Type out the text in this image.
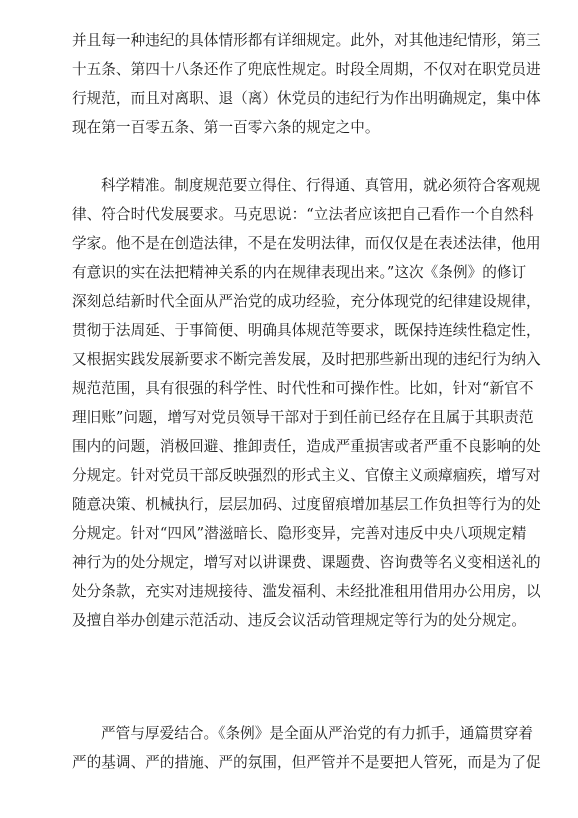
并且每一种违纪的具体情形都有详细规定。此外，对其他违纪情形，第三
十五条、第四十八条还作了兜底性规定。时段全周期，不仅对在职党员进
行规范，而且对离职、退（离）休党员的违纪行为作出明确规定，集中体
现在第一百零五条、第一百零六条的规定之中。
科学精准。制度规范要立得住、行得通、真管用，就必须符合客观规
律、符合时代发展要求。马克思说：“立法者应该把自己看作一个自然科
学家。他不是在创造法律，不是在发明法律，而仅仅是在表述法律，他用
有意识的实在法把精神关系的内在规律表现出来。”这次《条例》的修订
深刻总结新时代全面从严治党的成功经验，充分体现党的纪律建设规律，
贯彻于法周延、于事简便、明确具体规范等要求，既保持连续性稳定性，
又根据实践发展新要求不断完善发展，及时把那些新出现的违纪行为纳入
规范范围，具有很强的科学性、时代性和可操作性。比如，针对“新官不
理旧账”问题，增写对党员领导干部对于到任前已经存在且属于其职责范
围内的问题，消极回避、推卸责任，造成严重损害或者严重不良影响的处
分规定。针对党员干部反映强烈的形式主义、官僚主义顽瘴痼疾，增写对
随意决策、机械执行，层层加码、过度留痕增加基层工作负担等行为的处
分规定。针对“四风”潜滋暗长、隐形变异，完善对违反中央八项规定精
神行为的处分规定，增写对以讲课费、课题费、咨询费等名义变相送礼的
处分条款，充实对违规接待、滥发福利、未经批准租用借用办公用房，以
及擅自举办创建示范活动、违反会议活动管理规定等行为的处分规定。
严管与厚爱结合。《条例》是全面从严治党的有力抓手，通篇贯穿着
严的基调、严的措施、严的氛围，但严管并不是要把人管死，而是为了促
